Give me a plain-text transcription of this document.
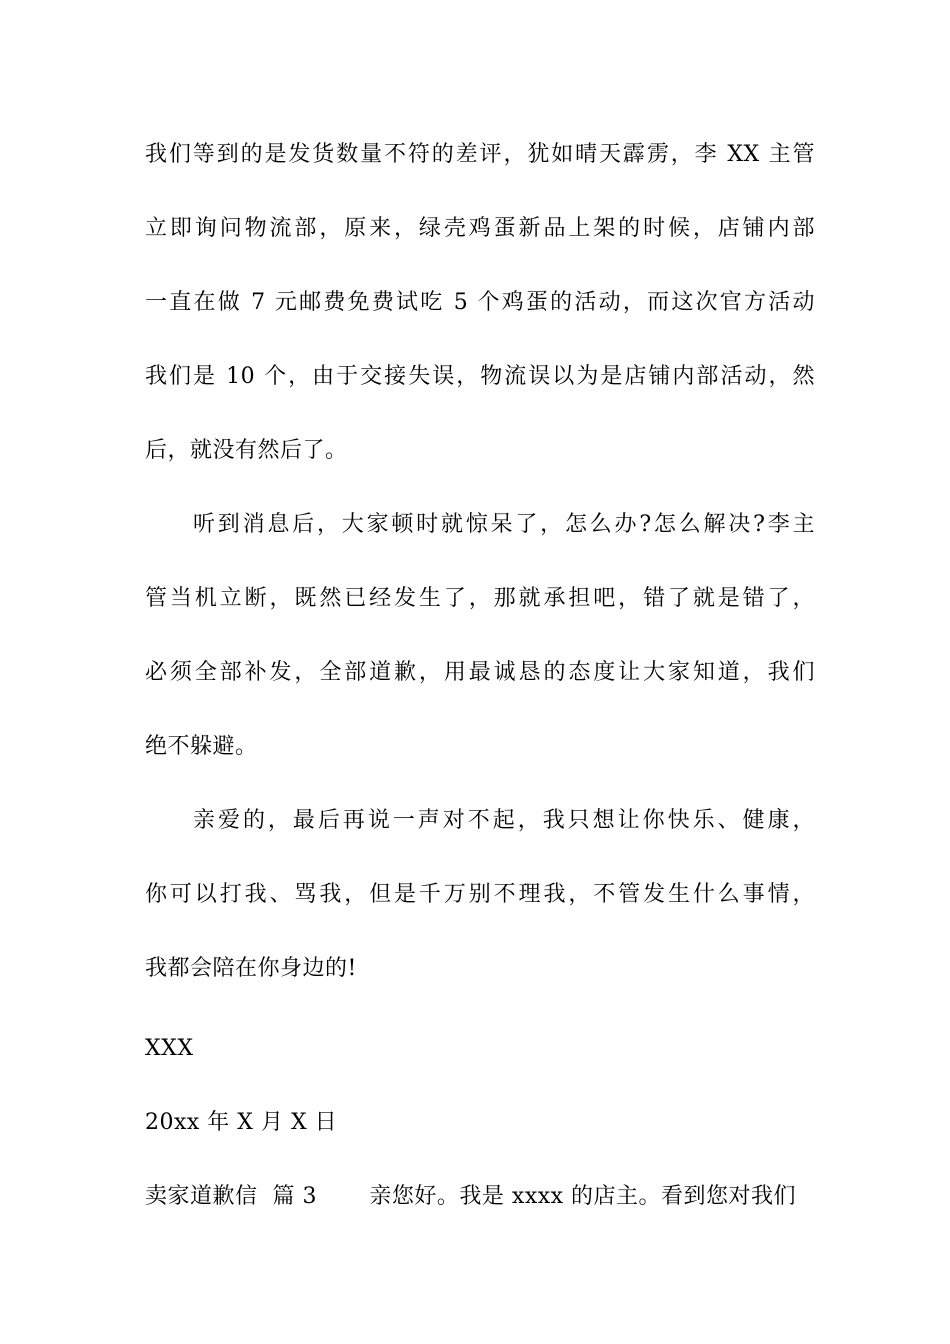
我们等到的是发货数量不符的差评，犹如晴天霹雳，李 XX 主管
立即询问物流部，原来，绿壳鸡蛋新品上架的时候，店铺内部
一直在做 7 元邮费免费试吃 5 个鸡蛋的活动，而这次官方活动
我们是 10 个，由于交接失误，物流误以为是店铺内部活动，然
后，就没有然后了。
听到消息后，大家顿时就惊呆了，怎么办?怎么解决?李主
管当机立断，既然已经发生了，那就承担吧，错了就是错了，
必须全部补发，全部道歉，用最诚恳的态度让大家知道，我们
绝不躲避。
亲爱的，最后再说一声对不起，我只想让你快乐、健康，
你可以打我、骂我，但是千万别不理我，不管发生什么事情，
我都会陪在你身边的!
XXX
20xx 年 X 月 X 日
卖家道歉信  篇 3       亲您好。我是 xxxx 的店主。看到您对我们
